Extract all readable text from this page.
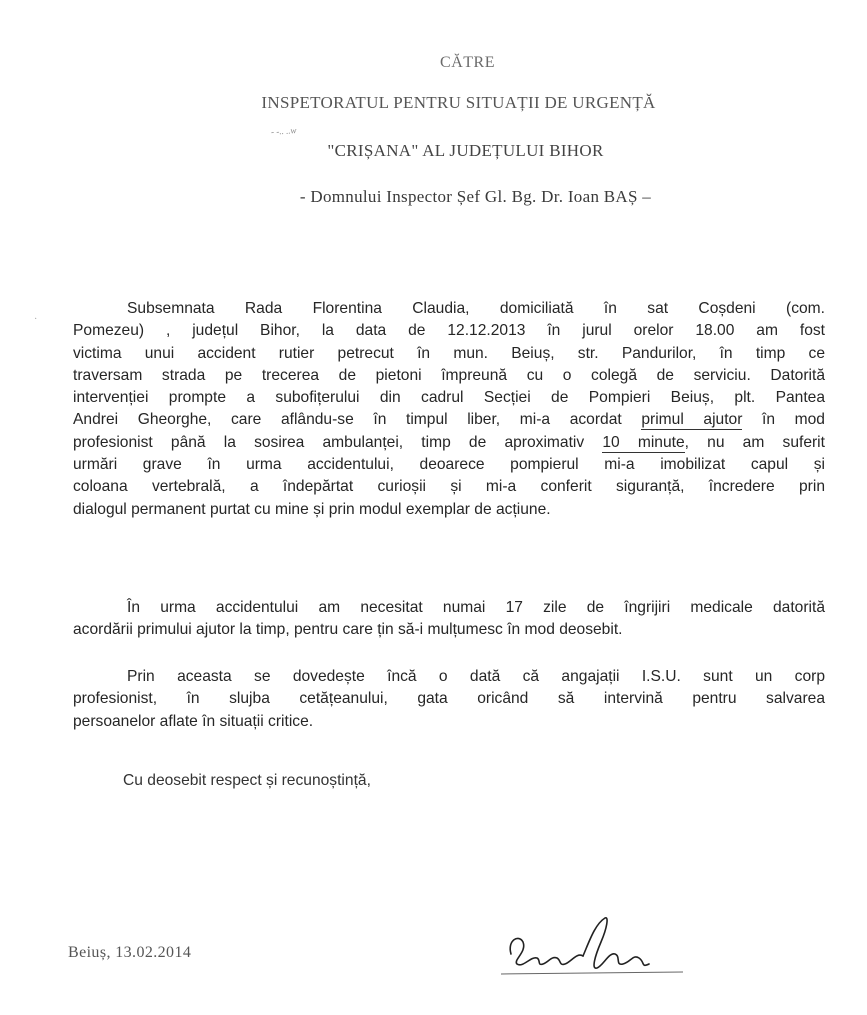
CĂTRE
INSPETORATUL PENTRU SITUAȚII DE URGENȚĂ
- -.. ..w
"CRIȘANA" AL JUDEȚULUI BIHOR
- Domnului Inspector Șef Gl. Bg. Dr. Ioan BAȘ –
·
Subsemnata Rada Florentina Claudia, domiciliată în sat Coșdeni (com.
Pomezeu) , județul Bihor, la data de 12.12.2013 în jurul orelor 18.00 am fost
victima unui accident rutier petrecut în mun. Beiuș, str. Pandurilor, în timp ce
traversam strada pe trecerea de pietoni împreună cu o colegă de serviciu. Datorită
intervenției prompte a subofițerului din cadrul Secției de Pompieri Beiuș, plt. Pantea
Andrei Gheorghe, care aflându-se în timpul liber, mi-a acordat primul ajutor în mod
profesionist până la sosirea ambulanței, timp de aproximativ 10 minute, nu am suferit
urmări grave în urma accidentului, deoarece pompierul mi-a imobilizat capul și
coloana vertebrală, a îndepărtat curioșii și mi-a conferit siguranță, încredere prin
dialogul permanent purtat cu mine și prin modul exemplar de acțiune.
În urma accidentului am necesitat numai 17 zile de îngrijiri medicale datorită
acordării primului ajutor la timp, pentru care țin să-i mulțumesc în mod deosebit.
Prin aceasta se dovedește încă o dată că angajații I.S.U. sunt un corp
profesionist, în slujba cetățeanului, gata oricând să intervină pentru salvarea
persoanelor aflate în situații critice.
Cu deosebit respect și recunoștință,
Beiuș, 13.02.2014
